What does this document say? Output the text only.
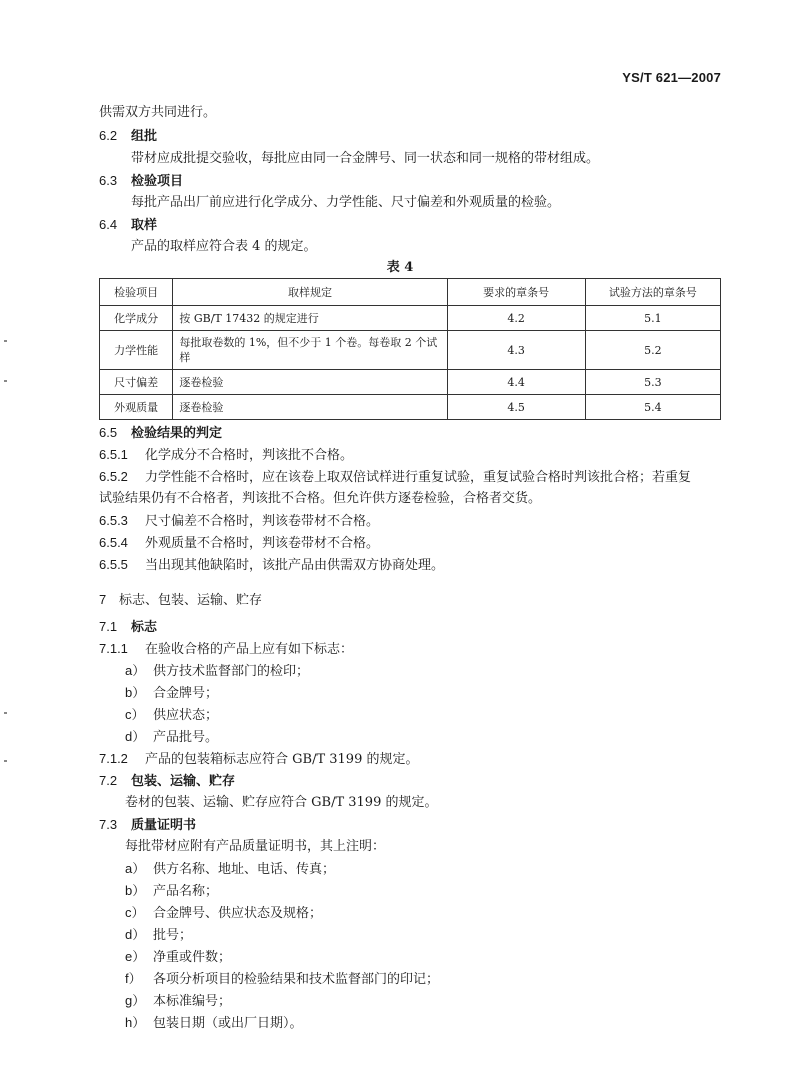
YS/T 621—2007
供需双方共同进行。
6.2 组批
带材应成批提交验收，每批应由同一合金牌号、同一状态和同一规格的带材组成。
6.3 检验项目
每批产品出厂前应进行化学成分、力学性能、尺寸偏差和外观质量的检验。
6.4 取样
产品的取样应符合表 4 的规定。
表 4
检验项目	取样规定	要求的章条号	试验方法的章条号
化学成分	按 GB/T 17432 的规定进行	4.2	5.1
力学性能	每批取卷数的 1%，但不少于 1 个卷。每卷取 2 个试样	4.3	5.2
尺寸偏差	逐卷检验	4.4	5.3
外观质量	逐卷检验	4.5	5.4
6.5 检验结果的判定
6.5.1 化学成分不合格时，判该批不合格。
6.5.2 力学性能不合格时，应在该卷上取双倍试样进行重复试验，重复试验合格时判该批合格；若重复
试验结果仍有不合格者，判该批不合格。但允许供方逐卷检验，合格者交货。
6.5.3 尺寸偏差不合格时，判该卷带材不合格。
6.5.4 外观质量不合格时，判该卷带材不合格。
6.5.5 当出现其他缺陷时，该批产品由供需双方协商处理。
7 标志、包装、运输、贮存
7.1 标志
7.1.1 在验收合格的产品上应有如下标志：
a） 供方技术监督部门的检印；
b） 合金牌号；
c） 供应状态；
d） 产品批号。
7.1.2 产品的包装箱标志应符合 GB/T 3199 的规定。
7.2 包装、运输、贮存
卷材的包装、运输、贮存应符合 GB/T 3199 的规定。
7.3 质量证明书
每批带材应附有产品质量证明书，其上注明：
a） 供方名称、地址、电话、传真；
b） 产品名称；
c） 合金牌号、供应状态及规格；
d） 批号；
e） 净重或件数；
f） 各项分析项目的检验结果和技术监督部门的印记；
g） 本标准编号；
h） 包装日期（或出厂日期）。
